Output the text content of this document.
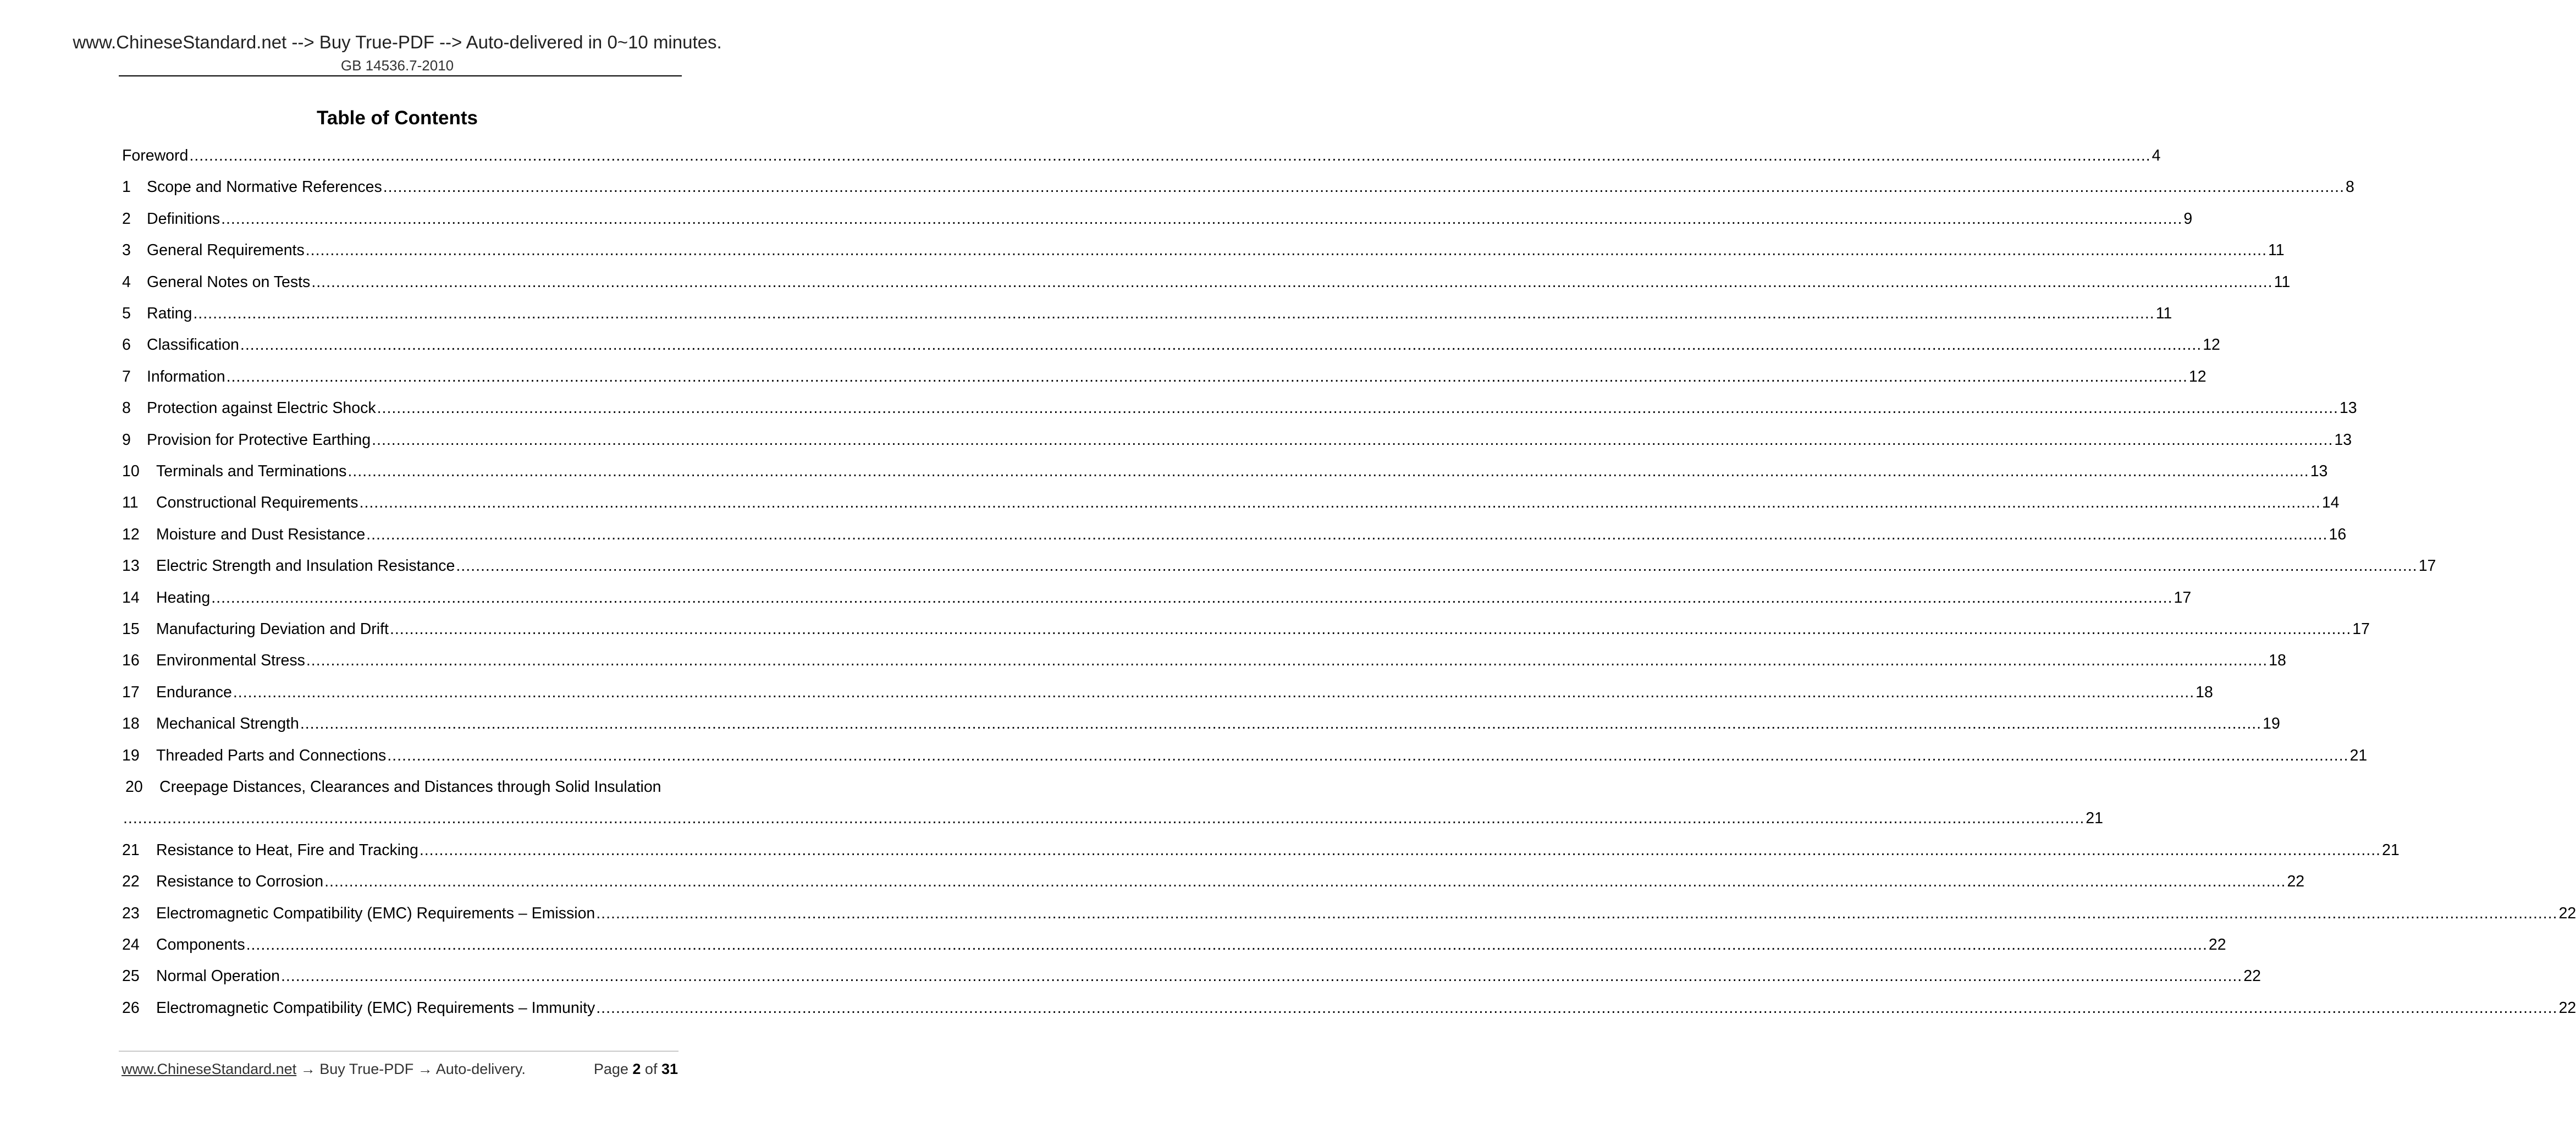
www.ChineseStandard.net --> Buy True-PDF --> Auto-delivered in 0~10 minutes.
GB 14536.7-2010
Table of Contents
Foreword ................................................................................................................................................................................................................................................................................................................................................................................................................ 4
1	Scope and Normative References ................................................................................................................................................................................................................................................................................................................................................................................................................ 8
2	Definitions ................................................................................................................................................................................................................................................................................................................................................................................................................ 9
3	General Requirements ................................................................................................................................................................................................................................................................................................................................................................................................................ 11
4	General Notes on Tests ................................................................................................................................................................................................................................................................................................................................................................................................................ 11
5	Rating ................................................................................................................................................................................................................................................................................................................................................................................................................ 11
6	Classification ................................................................................................................................................................................................................................................................................................................................................................................................................ 12
7	Information ................................................................................................................................................................................................................................................................................................................................................................................................................ 12
8	Protection against Electric Shock ................................................................................................................................................................................................................................................................................................................................................................................................................ 13
9	Provision for Protective Earthing ................................................................................................................................................................................................................................................................................................................................................................................................................ 13
10	Terminals and Terminations ................................................................................................................................................................................................................................................................................................................................................................................................................ 13
11	Constructional Requirements ................................................................................................................................................................................................................................................................................................................................................................................................................ 14
12	Moisture and Dust Resistance ................................................................................................................................................................................................................................................................................................................................................................................................................ 16
13	Electric Strength and Insulation Resistance ................................................................................................................................................................................................................................................................................................................................................................................................................ 17
14	Heating ................................................................................................................................................................................................................................................................................................................................................................................................................ 17
15	Manufacturing Deviation and Drift ................................................................................................................................................................................................................................................................................................................................................................................................................ 17
16	Environmental Stress ................................................................................................................................................................................................................................................................................................................................................................................................................ 18
17	Endurance ................................................................................................................................................................................................................................................................................................................................................................................................................ 18
18	Mechanical Strength ................................................................................................................................................................................................................................................................................................................................................................................................................ 19
19	Threaded Parts and Connections ................................................................................................................................................................................................................................................................................................................................................................................................................ 21
20 Creepage Distances, Clearances and Distances through Solid Insulation
................................................................................................................................................................................................................................................................................................................................................................................................................ 21
21	Resistance to Heat, Fire and Tracking ................................................................................................................................................................................................................................................................................................................................................................................................................ 21
22	Resistance to Corrosion ................................................................................................................................................................................................................................................................................................................................................................................................................ 22
23	Electromagnetic Compatibility (EMC) Requirements – Emission ................................................................................................................................................................................................................................................................................................................................................................................................................ 22
24	Components ................................................................................................................................................................................................................................................................................................................................................................................................................ 22
25	Normal Operation ................................................................................................................................................................................................................................................................................................................................................................................................................ 22
26	Electromagnetic Compatibility (EMC) Requirements – Immunity ................................................................................................................................................................................................................................................................................................................................................................................................................ 22
www.ChineseStandard.net → Buy True-PDF → Auto-delivery.	Page 2 of 31
